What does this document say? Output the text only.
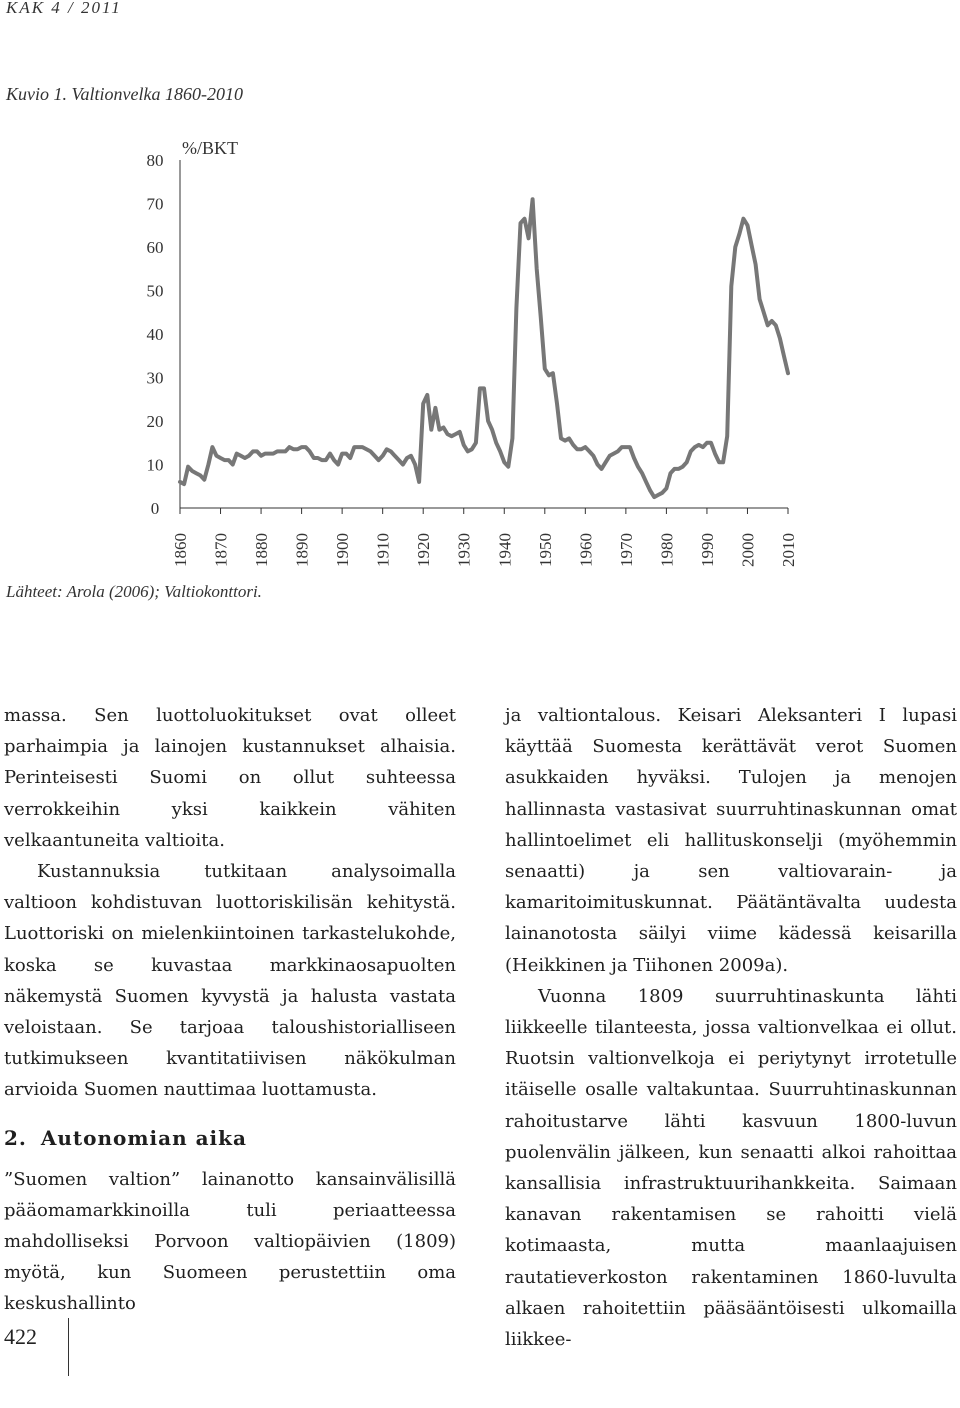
KAK 4 / 2011
Kuvio 1. Valtionvelka 1860-2010
0
10
20
30
40
50
60
70
80
1860 1870 1880 1890 1900 1910 1920 1930 1940 1950 1960 1970 1980 1990 2000 2010
%/BKT
Lähteet: Arola (2006); Valtiokonttori.

massa. Sen luottoluokitukset ovat olleet parhaimpia ja lainojen kustannukset alhaisia. Perinteisesti Suomi on ollut suhteessa verrokkeihin yksi kaikkein vähiten velkaantuneita valtioita.

Kustannuksia tutkitaan analysoimalla valtioon kohdistuvan luottoriskilisän kehitystä. Luottoriski on mielenkiintoinen tarkastelukohde, koska se kuvastaa markkinaosapuolten näkemystä Suomen kyvystä ja halusta vastata veloistaan. Se tarjoaa taloushistorialliseen tutkimukseen kvantitatiivisen näkökulman arvioida Suomen nauttimaa luottamusta.

2. Autonomian aika

”Suomen valtion” lainanotto kansainvälisillä pääomamarkkinoilla tuli periaatteessa mahdolliseksi Porvoon valtiopäivien (1809) myötä, kun Suomeen perustettiin oma keskushallinto

ja valtiontalous. Keisari Aleksanteri I lupasi käyttää Suomesta kerättävät verot Suomen asukkaiden hyväksi. Tulojen ja menojen hallinnasta vastasivat suurruhtinaskunnan omat hallintoelimet eli hallituskonselji (myöhemmin senaatti) ja sen valtiovarain- ja kamaritoimituskunnat. Päätäntävalta uudesta lainanotosta säilyi viime kädessä keisarilla (Heikkinen ja Tiihonen 2009a).

Vuonna 1809 suurruhtinaskunta lähti liikkeelle tilanteesta, jossa valtionvelkaa ei ollut. Ruotsin valtionvelkoja ei periytynyt irrotetulle itäiselle osalle valtakuntaa. Suurruhtinaskunnan rahoitustarve lähti kasvuun 1800-luvun puolenvälin jälkeen, kun senaatti alkoi rahoittaa kansallisia infrastruktuurihankkeita. Saimaan kanavan rakentamisen se rahoitti vielä kotimaasta, mutta maanlaajuisen rautatieverkoston rakentaminen 1860-luvulta alkaen rahoitettiin pääsääntöisesti ulkomailla liikkee-

422
